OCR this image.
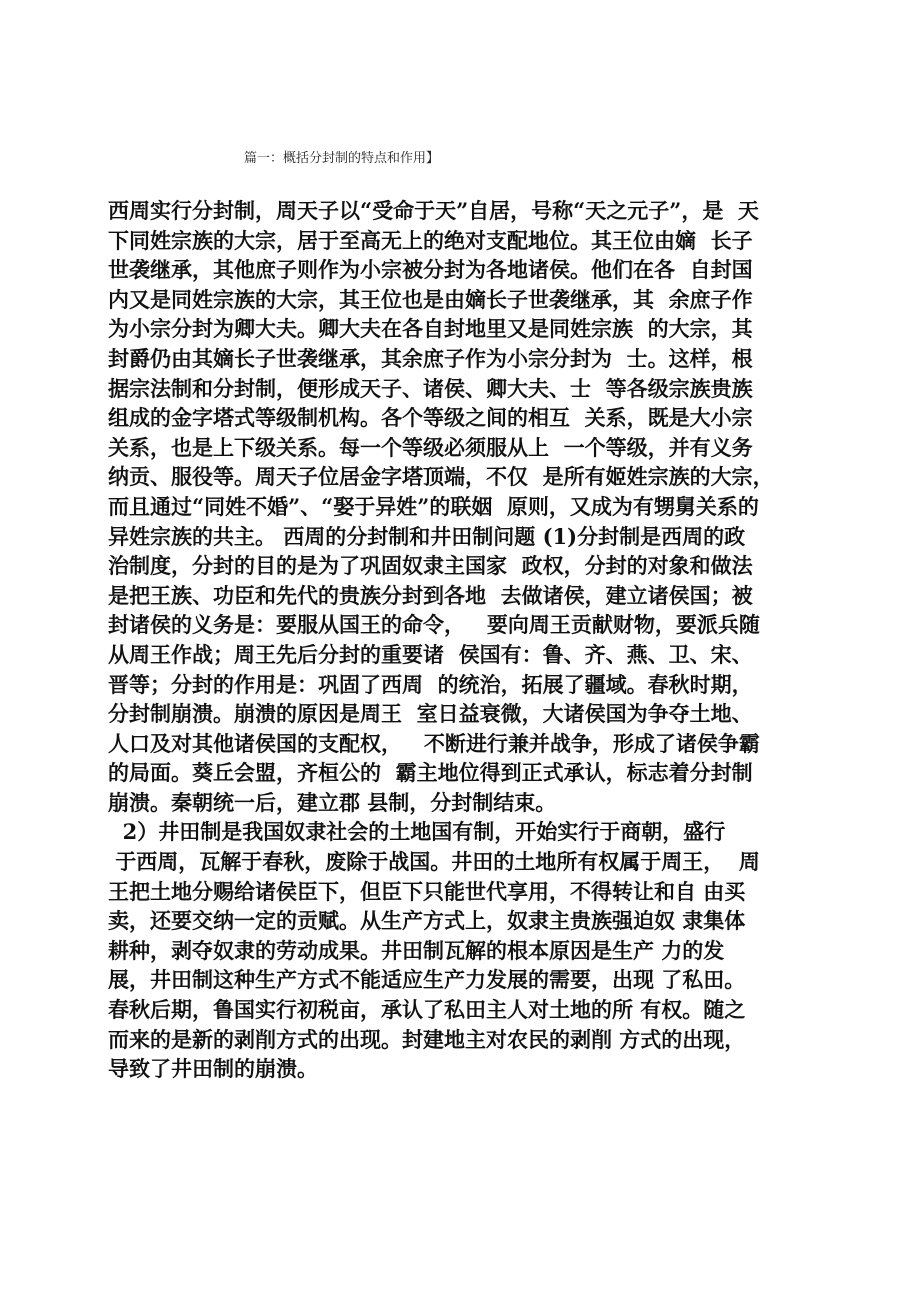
篇一：概括分封制的特点和作用】
西周实行分封制，周天子以“受命于天”自居，号称“天之元子”，是  天
下同姓宗族的大宗，居于至高无上的绝对支配地位。其王位由嫡  长子
世袭继承，其他庶子则作为小宗被分封为各地诸侯。他们在各  自封国
内又是同姓宗族的大宗，其王位也是由嫡长子世袭继承，其  余庶子作
为小宗分封为卿大夫。卿大夫在各自封地里又是同姓宗族  的大宗，其
封爵仍由其嫡长子世袭继承，其余庶子作为小宗分封为  士。这样，根
据宗法制和分封制，便形成天子、诸侯、卿大夫、士  等各级宗族贵族
组成的金字塔式等级制机构。各个等级之间的相互  关系，既是大小宗
关系，也是上下级关系。每一个等级必须服从上  一个等级，并有义务
纳贡、服役等。周天子位居金字塔顶端，不仅  是所有姬姓宗族的大宗，
而且通过“同姓不婚”、“娶于异姓”的联姻  原则，又成为有甥舅关系的
异姓宗族的共主。 西周的分封制和井田制问题 (1)分封制是西周的政
治制度，分封的目的是为了巩固奴隶主国家  政权，分封的对象和做法
是把王族、功臣和先代的贵族分封到各地  去做诸侯，建立诸侯国；被
封诸侯的义务是：要服从国王的命令，   要向周王贡献财物，要派兵随
从周王作战；周王先后分封的重要诸  侯国有：鲁、齐、燕、卫、宋、
晋等；分封的作用是：巩固了西周  的统治，拓展了疆域。春秋时期，
分封制崩溃。崩溃的原因是周王  室日益衰微，大诸侯国为争夺土地、
人口及对其他诸侯国的支配权，   不断进行兼并战争，形成了诸侯争霸
的局面。葵丘会盟，齐桓公的  霸主地位得到正式承认，标志着分封制
崩溃。秦朝统一后，建立郡 县制，分封制结束。
2）井田制是我国奴隶社会的土地国有制，开始实行于商朝，盛行
于西周，瓦解于春秋，废除于战国。井田的土地所有权属于周王，  周
王把土地分赐给诸侯臣下，但臣下只能世代享用，不得转让和自 由买
卖，还要交纳一定的贡赋。从生产方式上，奴隶主贵族强迫奴 隶集体
耕种，剥夺奴隶的劳动成果。井田制瓦解的根本原因是生产 力的发
展，井田制这种生产方式不能适应生产力发展的需要，出现 了私田。
春秋后期，鲁国实行初税亩，承认了私田主人对土地的所 有权。随之
而来的是新的剥削方式的出现。封建地主对农民的剥削 方式的出现，
导致了井田制的崩溃。
